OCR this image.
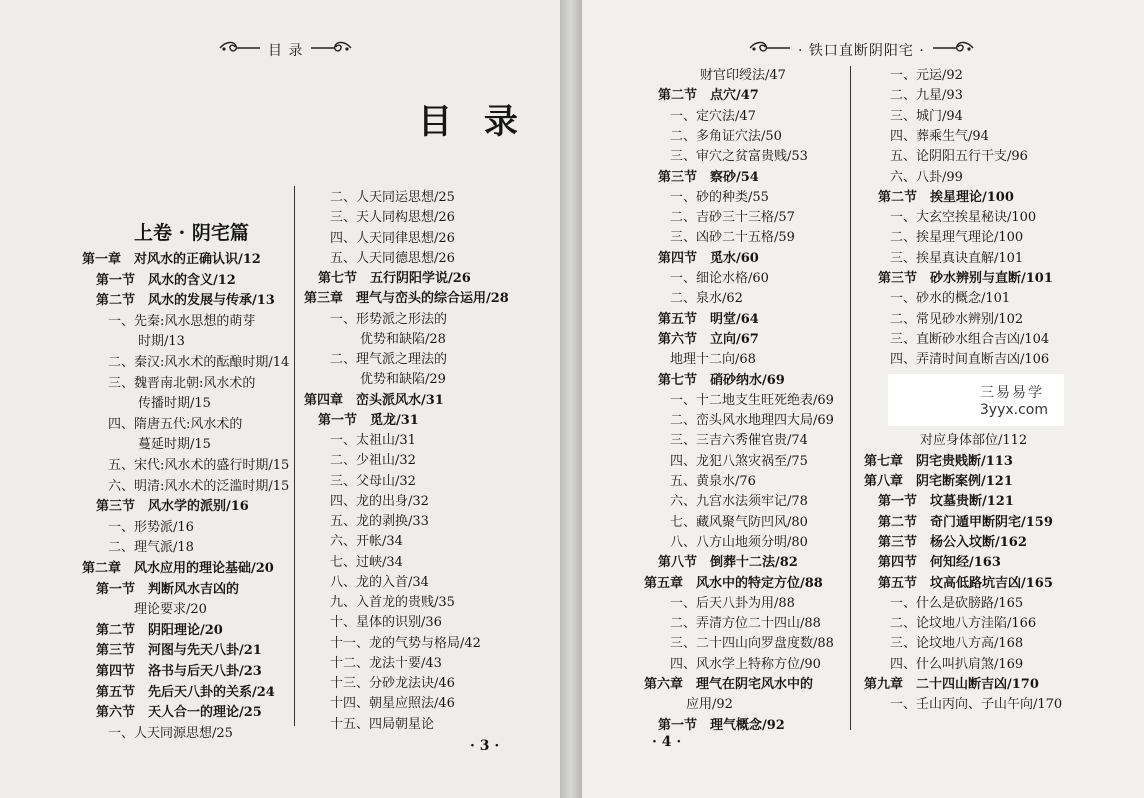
目 录
目 录
上卷 · 阴宅篇
第一章　对风水的正确认识/12
第一节　风水的含义/12
第二节　风水的发展与传承/13
一、先秦:风水思想的萌芽
时期/13
二、秦汉:风水术的酝酿时期/14
三、魏晋南北朝:风水术的
传播时期/15
四、隋唐五代:风水术的
蔓延时期/15
五、宋代:风水术的盛行时期/15
六、明清:风水术的泛滥时期/15
第三节　风水学的派别/16
一、形势派/16
二、理气派/18
第二章　风水应用的理论基础/20
第一节　判断风水吉凶的
理论要求/20
第二节　阴阳理论/20
第三节　河图与先天八卦/21
第四节　洛书与后天八卦/23
第五节　先后天八卦的关系/24
第六节　天人合一的理论/25
一、人天同源思想/25
二、人天同运思想/25
三、天人同构思想/26
四、人天同律思想/26
五、人天同德思想/26
第七节　五行阴阳学说/26
第三章　理气与峦头的综合运用/28
一、形势派之形法的
优势和缺陷/28
二、理气派之理法的
优势和缺陷/29
第四章　峦头派风水/31
第一节　觅龙/31
一、太祖山/31
二、少祖山/32
三、父母山/32
四、龙的出身/32
五、龙的剥换/33
六、开帐/34
七、过峡/34
八、龙的入首/34
九、入首龙的贵贱/35
十、星体的识别/36
十一、龙的气势与格局/42
十二、龙法十要/43
十三、分砂龙法诀/46
十四、朝星应照法/46
十五、四局朝星论
· 3 ·
· 铁口直断阴阳宅 ·
财官印绶法/47
第二节　点穴/47
一、定穴法/47
二、多角证穴法/50
三、审穴之贫富贵贱/53
第三节　察砂/54
一、砂的种类/55
二、吉砂三十三格/57
三、凶砂二十五格/59
第四节　觅水/60
一、细论水格/60
二、泉水/62
第五节　明堂/64
第六节　立向/67
地理十二向/68
第七节　硝砂纳水/69
一、十二地支生旺死绝表/69
二、峦头风水地理四大局/69
三、三吉六秀催官贵/74
四、龙犯八煞灾祸至/75
五、黄泉水/76
六、九宫水法须牢记/78
七、藏风聚气防凹风/80
八、八方山地须分明/80
第八节　倒葬十二法/82
第五章　风水中的特定方位/88
一、后天八卦为用/88
二、弄清方位二十四山/88
三、二十四山向罗盘度数/88
四、风水学上特称方位/90
第六章　理气在阴宅风水中的
应用/92
第一节　理气概念/92
一、元运/92
二、九星/93
三、城门/94
四、葬乘生气/94
五、论阴阳五行干支/96
六、八卦/99
第二节　挨星理论/100
一、大玄空挨星秘诀/100
二、挨星理气理论/100
三、挨星真诀直解/101
第三节　砂水辨别与直断/101
一、砂水的概念/101
二、常见砂水辨别/102
三、直断砂水组合吉凶/104
四、弄清时间直断吉凶/106
对应身体部位/112
第七章　阴宅贵贱断/113
第八章　阴宅断案例/121
第一节　坟墓贵断/121
第二节　奇门遁甲断阴宅/159
第三节　杨公入坟断/162
第四节　何知经/163
第五节　坟高低路坑吉凶/165
一、什么是砍膀路/165
二、论坟地八方洼陷/166
三、论坟地八方高/168
四、什么叫扒肩煞/169
第九章　二十四山断吉凶/170
一、壬山丙向、子山午向/170
· 4 ·
三易易学
3yyx.com
